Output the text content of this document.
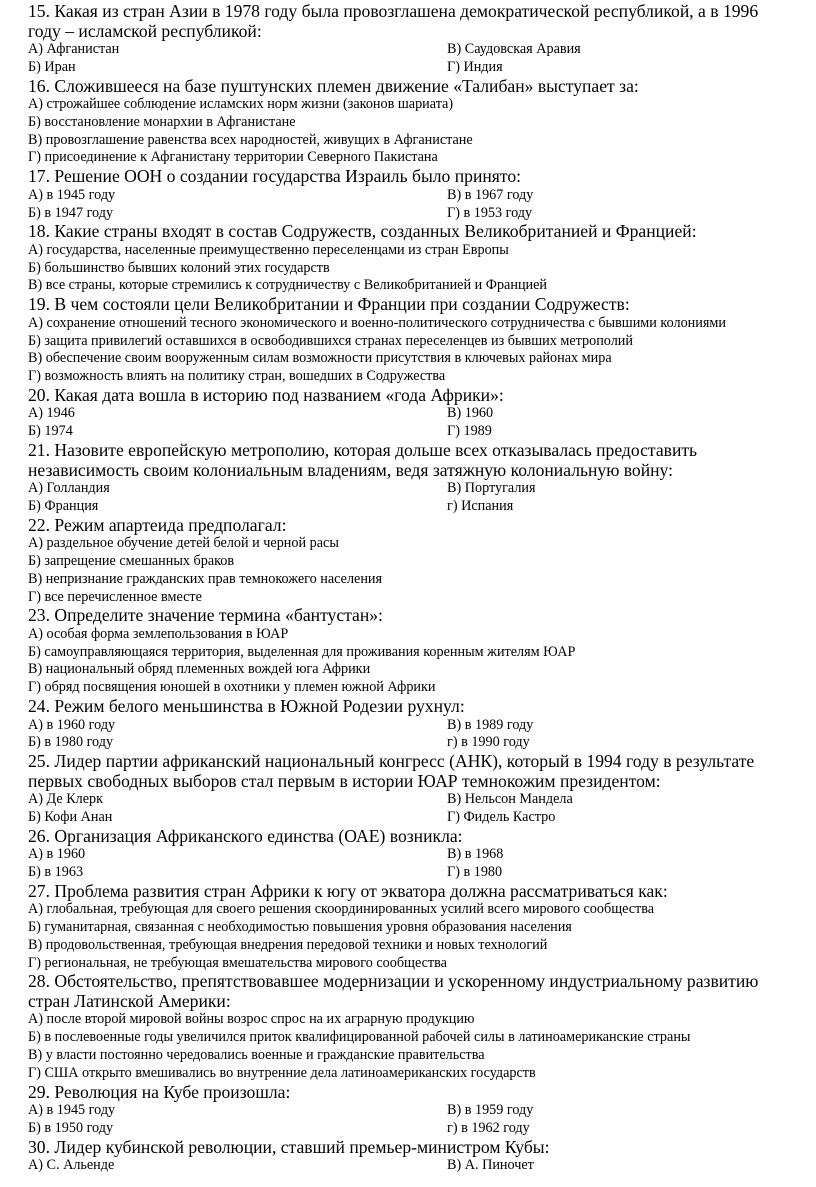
15. Какая из стран Азии в 1978 году была провозглашена демократической республикой, а в 1996 году – исламской республикой:

А) Афганистан	В) Саудовская Аравия
Б) Иран	Г) Индия

16. Сложившееся на базе пуштунских племен движение «Талибан» выступает за:

А) строжайшее соблюдение исламских норм жизни (законов шариата)
Б) восстановление монархии в Афганистане
В) провозглашение равенства всех народностей, живущих в Афганистане
Г) присоединение к Афганистану территории Северного Пакистана

17. Решение ООН о создании государства Израиль было принято:

А) в 1945 году	В) в 1967 году
Б) в 1947 году	Г) в 1953 году

18. Какие страны входят в состав Содружеств, созданных Великобританией и Францией:

А) государства, населенные преимущественно переселенцами из стран Европы
Б) большинство бывших колоний этих государств
В) все страны, которые стремились к сотрудничеству с Великобританией и Францией

19. В чем состояли цели Великобритании и Франции при создании Содружеств:

А) сохранение отношений тесного экономического и военно-политического сотрудничества с бывшими колониями
Б) защита привилегий оставшихся в освободившихся странах переселенцев из бывших метрополий
В) обеспечение своим вооруженным силам возможности присутствия в ключевых районах мира
Г) возможность влиять на политику стран, вошедших в Содружества

20. Какая дата вошла в историю под названием «года Африки»:

А) 1946	В) 1960
Б) 1974	Г) 1989

21. Назовите европейскую метрополию, которая дольше всех отказывалась предоставить независимость своим колониальным владениям, ведя затяжную колониальную войну:

А) Голландия	В) Португалия
Б) Франция	г) Испания

22. Режим апартеида предполагал:

А) раздельное обучение детей белой и черной расы
Б) запрещение смешанных браков
В) непризнание гражданских прав темнокожего населения
Г) все перечисленное вместе

23. Определите значение термина «бантустан»:

А) особая форма землепользования в ЮАР
Б) самоуправляющаяся территория, выделенная для проживания коренным жителям ЮАР
В) национальный обряд племенных вождей юга Африки
Г) обряд посвящения юношей в охотники у племен южной Африки

24. Режим белого меньшинства в Южной Родезии рухнул:

А) в 1960 году	В) в 1989 году
Б) в 1980 году	г) в 1990 году

25. Лидер партии африканский национальный конгресс (АНК), который в 1994 году в результате первых свободных выборов стал первым в истории ЮАР темнокожим президентом:

А) Де Клерк	В) Нельсон Мандела
Б) Кофи Анан	Г) Фидель Кастро

26. Организация Африканского единства (ОАЕ) возникла:

А) в 1960	В) в 1968
Б) в 1963	Г) в 1980

27. Проблема развития стран Африки к югу от экватора должна рассматриваться как:

А) глобальная, требующая для своего решения скоординированных усилий всего мирового сообщества
Б) гуманитарная, связанная с необходимостью повышения уровня образования населения
В) продовольственная, требующая внедрения передовой техники и новых технологий
Г) региональная, не требующая вмешательства мирового сообщества

28. Обстоятельство, препятствовавшее модернизации и ускоренному индустриальному развитию стран Латинской Америки:

А) после второй мировой войны возрос спрос на их аграрную продукцию
Б) в послевоенные годы увеличился приток квалифицированной рабочей силы в латиноамериканские страны
В) у власти постоянно чередовались военные и гражданские правительства
Г) США открыто вмешивались во внутренние дела латиноамериканских государств

29. Революция на Кубе произошла:

А) в 1945 году	В) в 1959 году
Б) в 1950 году	г) в 1962 году

30. Лидер кубинской революции, ставший премьер-министром Кубы:

А) С. Альенде	В) А. Пиночет
